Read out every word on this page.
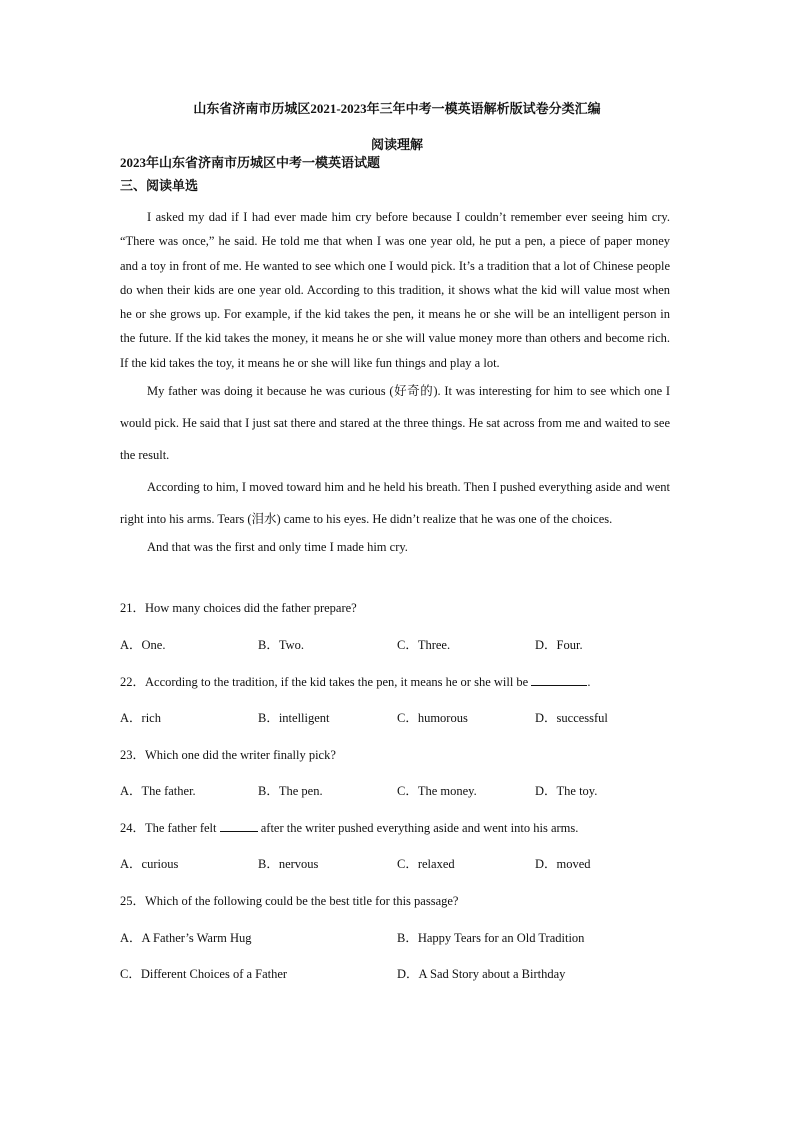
山东省济南市历城区2021-2023年三年中考一模英语解析版试卷分类汇编
阅读理解
2023年山东省济南市历城区中考一模英语试题
三、阅读单选

I asked my dad if I had ever made him cry before because I couldn’t remember ever seeing him cry. “There was once,” he said. He told me that when I was one year old, he put a pen, a piece of paper money and a toy in front of me. He wanted to see which one I would pick. It’s a tradition that a lot of Chinese people do when their kids are one year old. According to this tradition, it shows what the kid will value most when he or she grows up. For example, if the kid takes the pen, it means he or she will be an intelligent person in the future. If the kid takes the money, it means he or she will value money more than others and become rich. If the kid takes the toy, it means he or she will like fun things and play a lot.

My father was doing it because he was curious (好奇的). It was interesting for him to see which one I would pick. He said that I just sat there and stared at the three things. He sat across from me and waited to see the result.

According to him, I moved toward him and he held his breath. Then I pushed everything aside and went right into his arms. Tears (泪水) came to his eyes. He didn’t realize that he was one of the choices.

And that was the first and only time I made him cry.

21．How many choices did the father prepare?

A．One.	B．Two.	C．Three.	D．Four.

22．According to the tradition, if the kid takes the pen, it means he or she will be	.

A．rich	B．intelligent	C．humorous	D．successful

23．Which one did the writer finally pick?

A．The father.	B．The pen.	C．The money.	D．The toy.

24．The father felt	after the writer pushed everything aside and went into his arms.

A．curious	B．nervous	C．relaxed	D．moved

25．Which of the following could be the best title for this passage?

A．A Father’s Warm Hug	B．Happy Tears for an Old Tradition
C．Different Choices of a Father	D．A Sad Story about a Birthday
